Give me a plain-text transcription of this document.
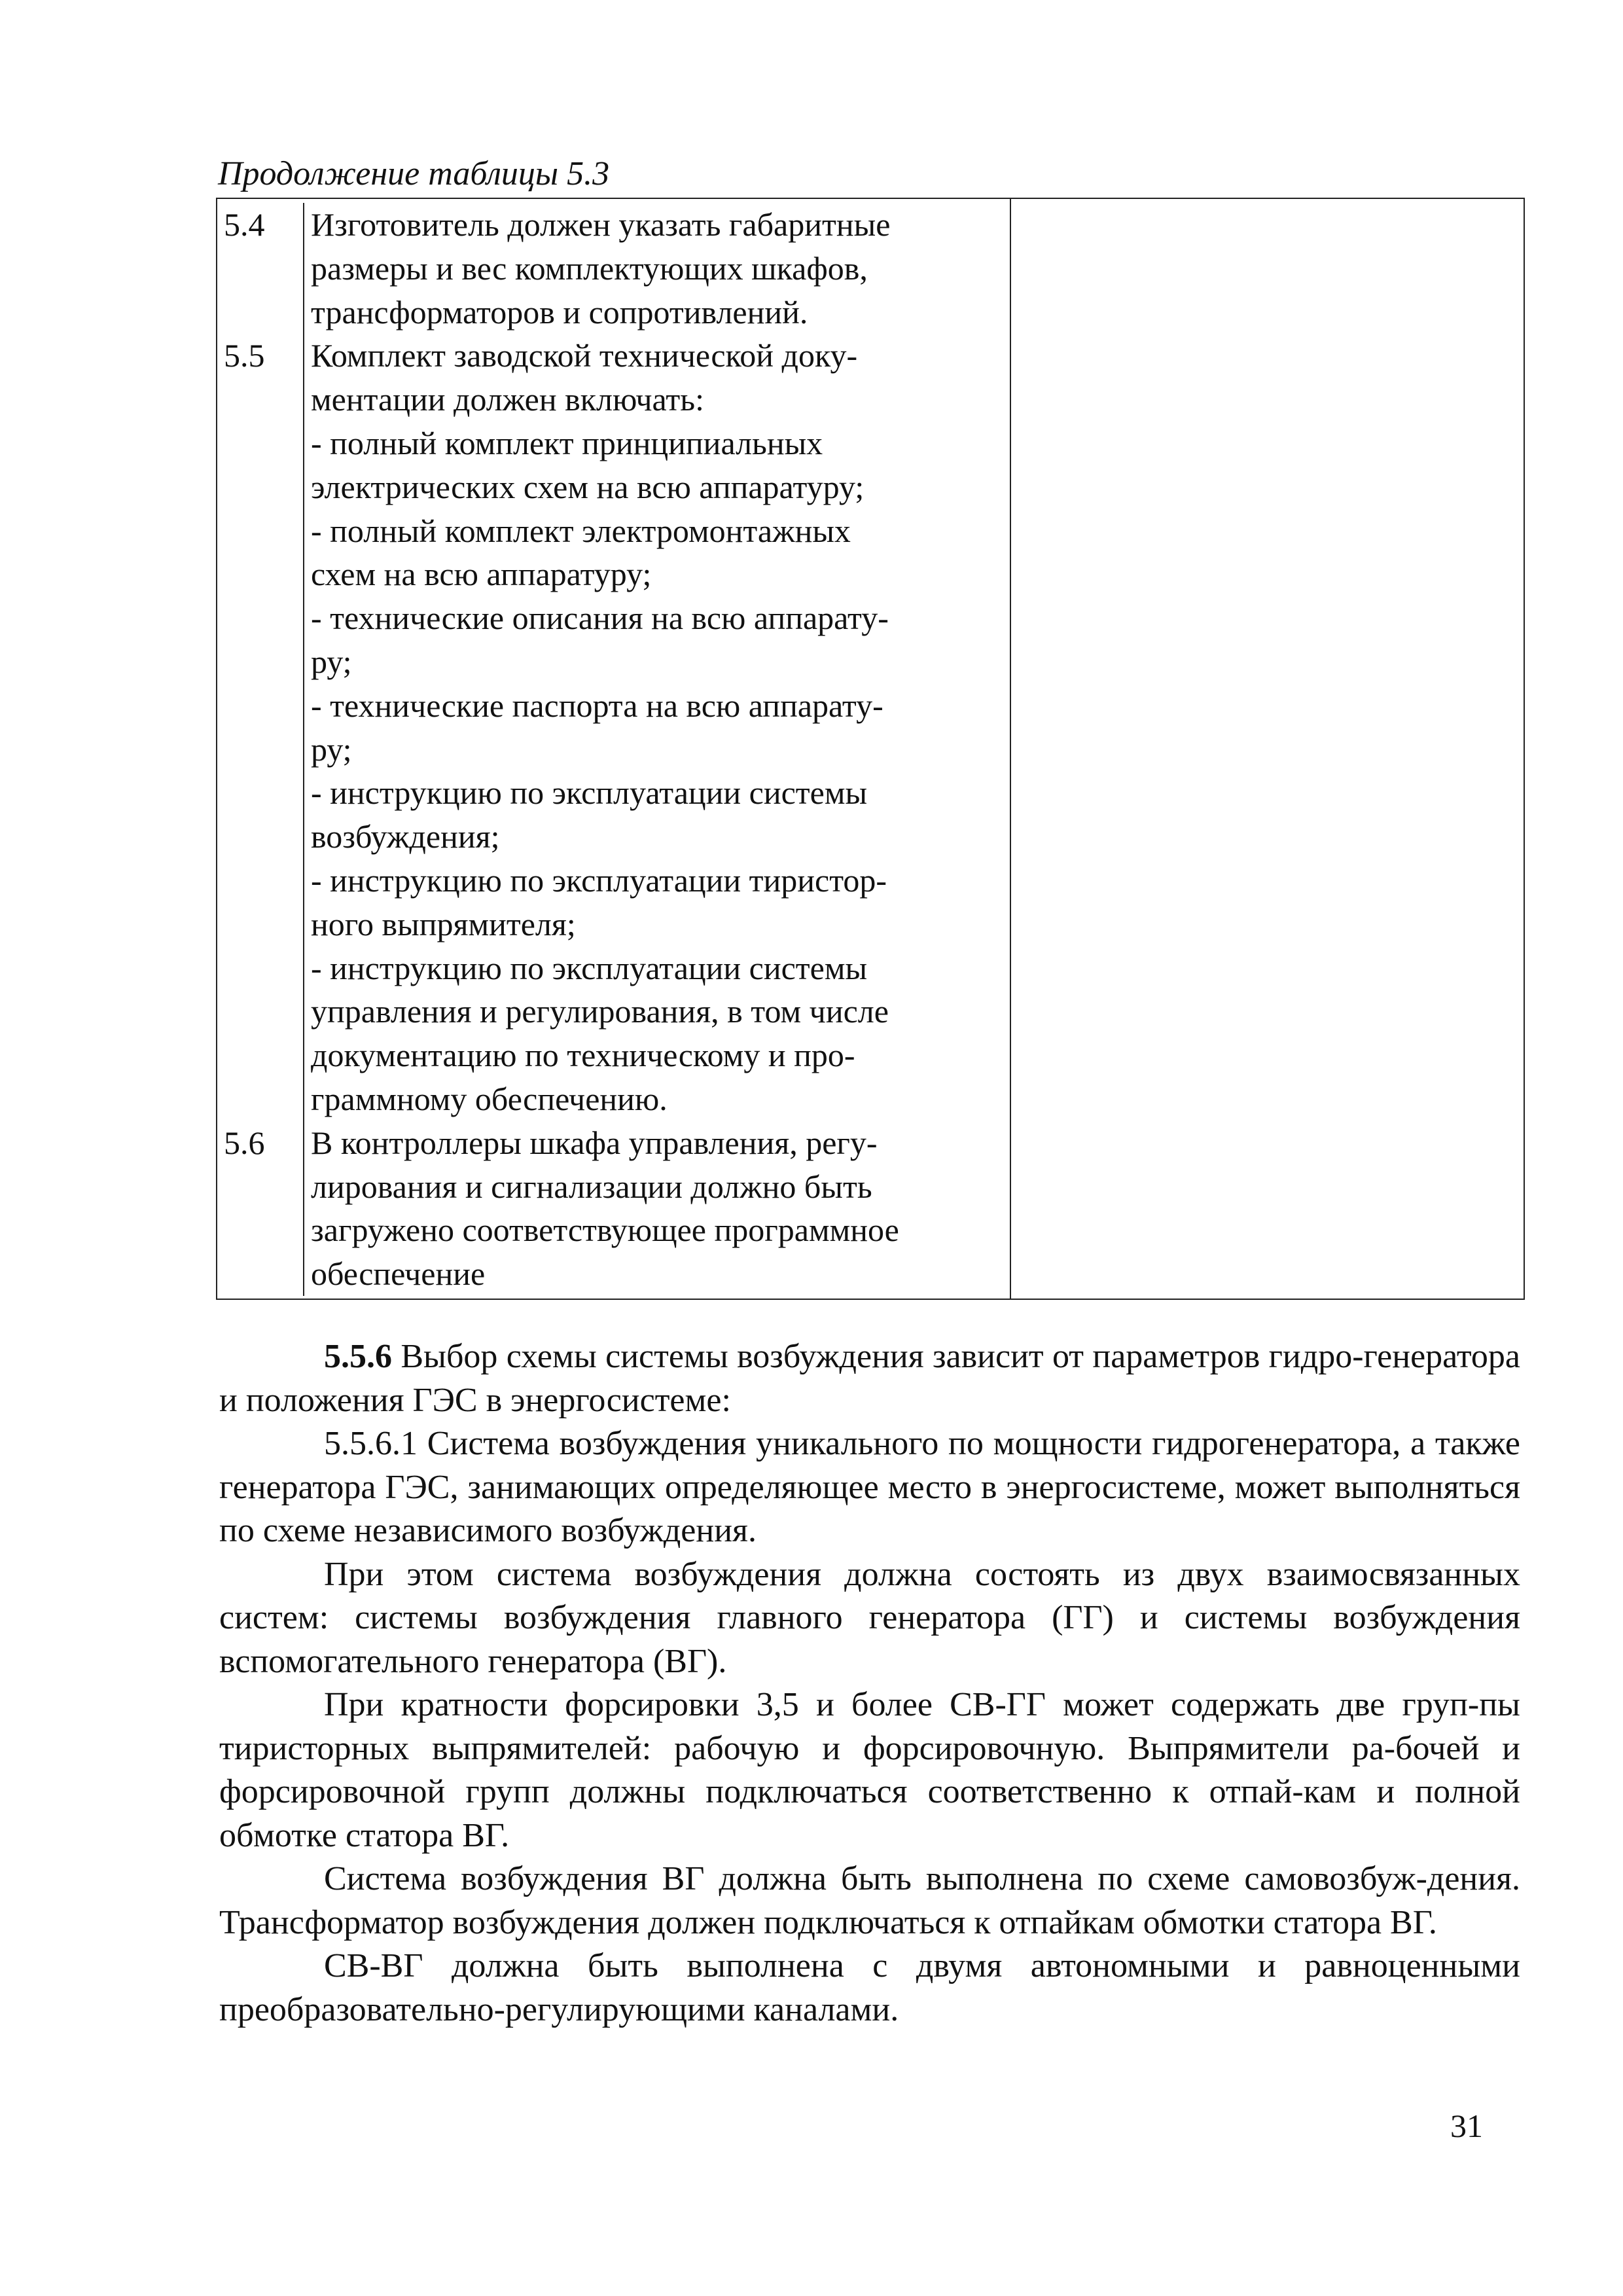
Продолжение таблицы 5.3
5.4	Изготовитель должен указать габаритные
размеры и вес комплектующих шкафов,
трансформаторов и сопротивлений.
5.5	Комплект заводской технической доку-
ментации должен включать:
- полный комплект принципиальных
электрических схем на всю аппаратуру;
- полный комплект электромонтажных
схем на всю аппаратуру;
- технические описания на всю аппарату-
ру;
- технические паспорта на всю аппарату-
ру;
- инструкцию по эксплуатации системы
возбуждения;
- инструкцию по эксплуатации тиристор-
ного выпрямителя;
- инструкцию по эксплуатации системы
управления и регулирования, в том числе
документацию по техническому и про-
граммному обеспечению.
5.6	В контроллеры шкафа управления, регу-
лирования и сигнализации должно быть
загружено соответствующее программное
обеспечение

5.5.6 Выбор схемы системы возбуждения зависит от параметров гидро-генератора и положения ГЭС в энергосистеме:

5.5.6.1 Система возбуждения уникального по мощности гидрогенератора, а также генератора ГЭС, занимающих определяющее место в энергосистеме, может выполняться по схеме независимого возбуждения.

При этом система возбуждения должна состоять из двух взаимосвязанных систем: системы возбуждения главного генератора (ГГ) и системы возбуждения вспомогательного генератора (ВГ).

При кратности форсировки 3,5 и более СВ-ГГ может содержать две груп-пы тиристорных выпрямителей: рабочую и форсировочную. Выпрямители ра-бочей и форсировочной групп должны подключаться соответственно к отпай-кам и полной обмотке статора ВГ.

Система возбуждения ВГ должна быть выполнена по схеме самовозбуж-дения. Трансформатор возбуждения должен подключаться к отпайкам обмотки статора ВГ.

СВ-ВГ должна быть выполнена с двумя автономными и равноценными преобразовательно-регулирующими каналами.

31
